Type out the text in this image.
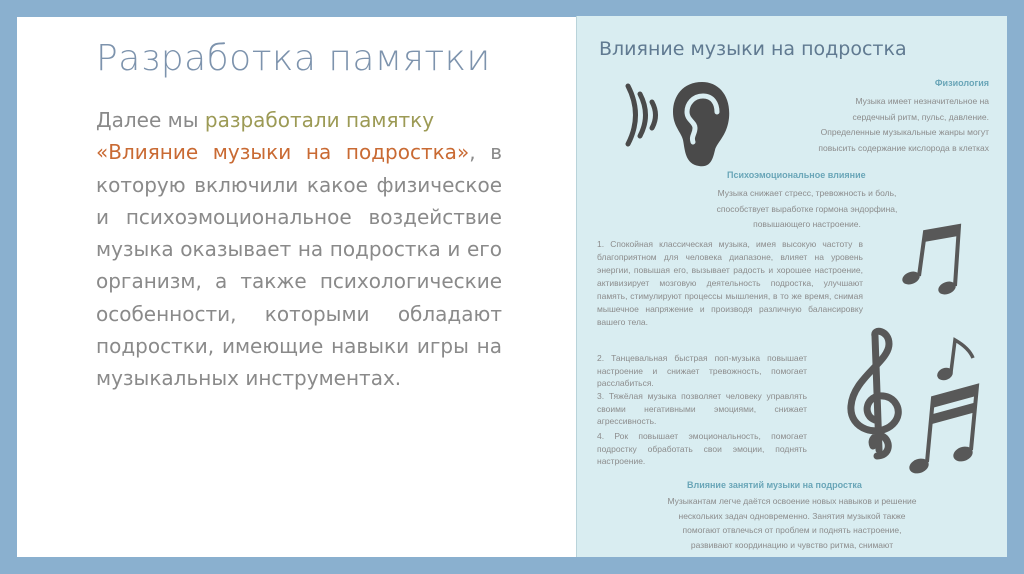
Разработка памятки
Далее мы разработали памятку
«Влияние музыки на подростка», в которую включили какое физическое и психоэмоциональное воздействие музыка оказывает на подростка и его организм, а также психологические особенности, которыми обладают подростки, имеющие навыки игры на музыкальных инструментах.
Влияние музыки на подростка
Физиология
Музыка имеет незначительное на
сердечный ритм, пульс, давление.
Определенные музыкальные жанры могут
повысить содержание кислорода в клетках
Психоэмоциональное влияние
Музыка снижает стресс, тревожность и боль,
способствует выработке гормона эндорфина,
повышающего настроение.
1. Спокойная классическая музыка, имея высокую частоту в благоприятном для человека диапазоне, влияет на уровень энергии, повышая его, вызывает радость и хорошее настроение, активизирует мозговую деятельность подростка, улучшают память, стимулируют процессы мышления, в то же время, снимая мышечное напряжение и производя различную балансировку вашего тела.
2. Танцевальная быстрая поп-музыка повышает настроение и снижает тревожность, помогает расслабиться.
3. Тяжёлая музыка позволяет человеку управлять своими негативными эмоциями, снижает агрессивность.
4. Рок повышает эмоциональность, помогает подростку обработать свои эмоции, поднять настроение.
Влияние занятий музыки на подростка
Музыкантам легче даётся освоение новых навыков и решение
нескольких задач одновременно. Занятия музыкой также
помогают отвлечься от проблем и поднять настроение,
развивают координацию и чувство ритма, снимают
